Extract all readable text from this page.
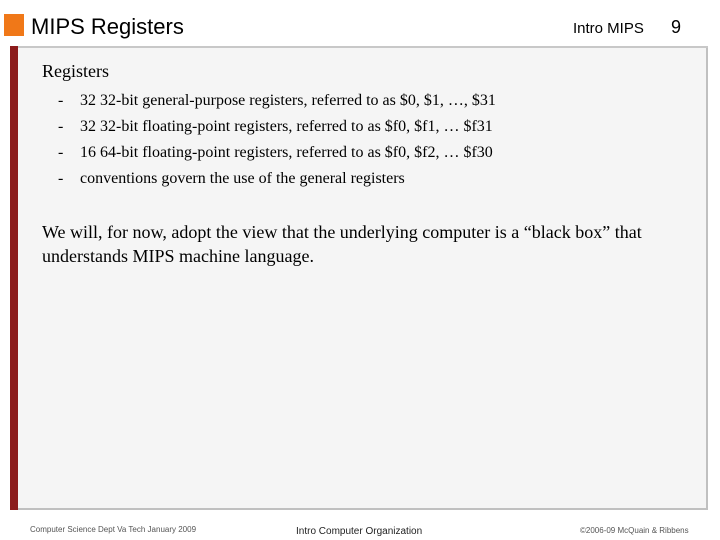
MIPS Registers	Intro MIPS 9
Registers
- 32 32-bit general-purpose registers, referred to as $0, $1, …, $31
- 32 32-bit floating-point registers, referred to as $f0, $f1, … $f31
- 16 64-bit floating-point registers, referred to as $f0, $f2, … $f30
- conventions govern the use of the general registers

We will, for now, adopt the view that the underlying computer is a “black box” that understands MIPS machine language.

Computer Science Dept Va Tech January 2009	Intro Computer Organization	©2006-09 McQuain & Ribbens
